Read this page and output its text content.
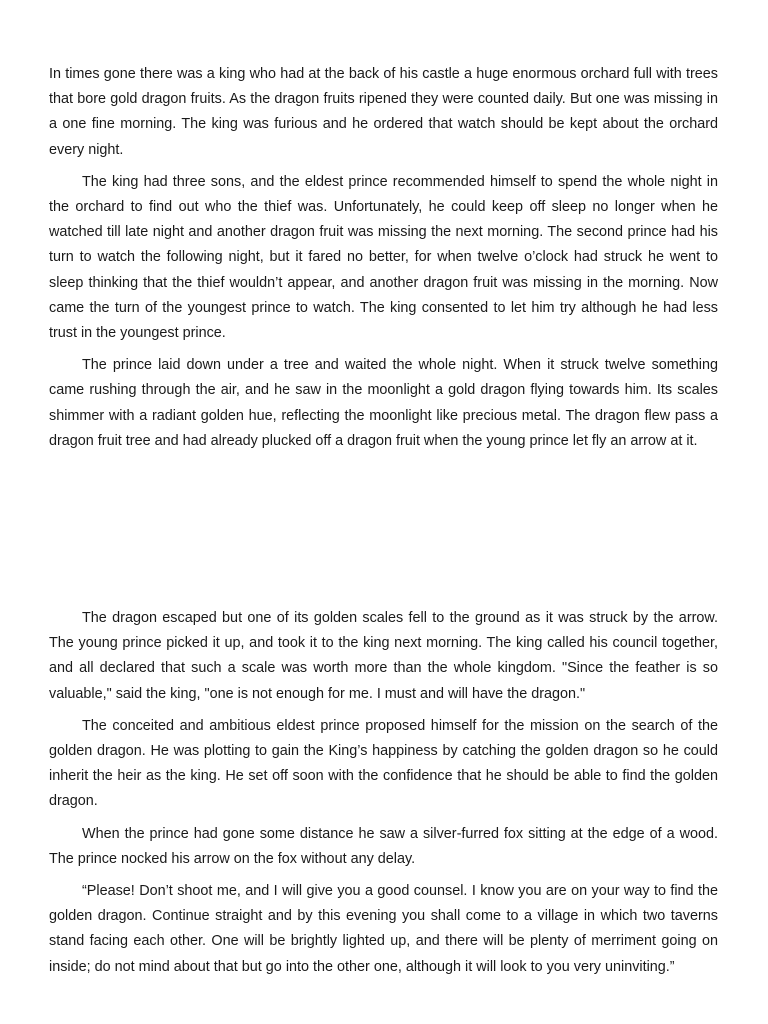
In times gone there was a king who had at the back of his castle a huge enormous orchard full with trees that bore gold dragon fruits. As the dragon fruits ripened they were counted daily. But one was missing in a one fine morning. The king was furious and he ordered that watch should be kept about the orchard every night.

The king had three sons, and the eldest prince recommended himself to spend the whole night in the orchard to find out who the thief was. Unfortunately, he could keep off sleep no longer when he watched till late night and another dragon fruit was missing the next morning. The second prince had his turn to watch the following night, but it fared no better, for when twelve o’clock had struck he went to sleep thinking that the thief wouldn’t appear, and another dragon fruit was missing in the morning. Now came the turn of the youngest prince to watch. The king consented to let him try although he had less trust in the youngest prince.

The prince laid down under a tree and waited the whole night. When it struck twelve something came rushing through the air, and he saw in the moonlight a gold dragon flying towards him. Its scales shimmer with a radiant golden hue, reflecting the moonlight like precious metal. The dragon flew pass a dragon fruit tree and had already plucked off a dragon fruit when the young prince let fly an arrow at it.

The dragon escaped but one of its golden scales fell to the ground as it was struck by the arrow. The young prince picked it up, and took it to the king next morning. The king called his council together, and all declared that such a scale was worth more than the whole kingdom. "Since the feather is so valuable," said the king, "one is not enough for me. I must and will have the dragon."

The conceited and ambitious eldest prince proposed himself for the mission on the search of the golden dragon. He was plotting to gain the King’s happiness by catching the golden dragon so he could inherit the heir as the king. He set off soon with the confidence that he should be able to find the golden dragon.

When the prince had gone some distance he saw a silver-furred fox sitting at the edge of a wood. The prince nocked his arrow on the fox without any delay.

“Please! Don’t shoot me, and I will give you a good counsel. I know you are on your way to find the golden dragon. Continue straight and by this evening you shall come to a village in which two taverns stand facing each other. One will be brightly lighted up, and there will be plenty of merriment going on inside; do not mind about that but go into the other one, although it will look to you very uninviting.”
